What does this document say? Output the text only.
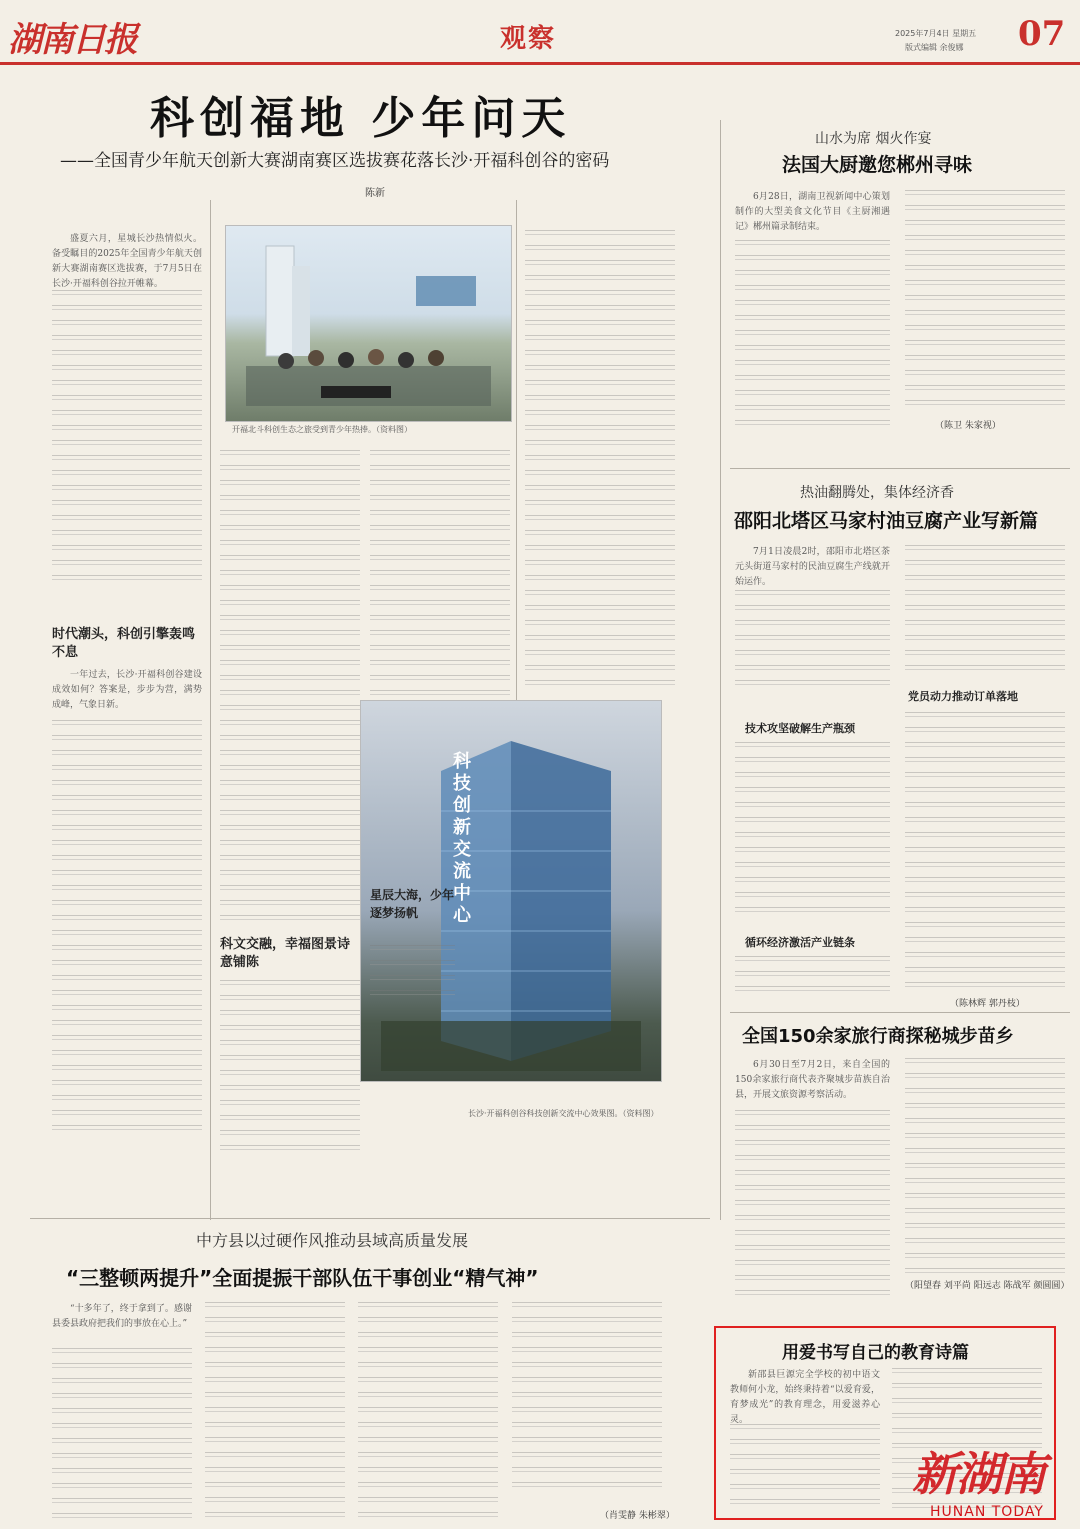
湖南日报	观察	2025年7月4日 星期五
版式编辑 余俊娜 07
科创福地 少年问天
——全国青少年航天创新大赛湖南赛区选拔赛花落长沙·开福科创谷的密码
陈新

盛夏六月，星城长沙热情似火。备受瞩目的2025年全国青少年航天创新大赛湖南赛区选拔赛，于7月5日在长沙·开福科创谷拉开帷幕。

时代潮头，科创引擎轰鸣不息

一年过去，长沙·开福科创谷建设成效如何？答案是，步步为营，满势成峰，气象日新。

开福北斗科创生态之旅受到青少年热捧。（资料图）
科文交融，幸福图景诗意铺陈
科技创新交流中心
星辰大海，少年逐梦扬帆
长沙·开福科创谷科技创新交流中心效果图。（资料图）
山水为席 烟火作宴
法国大厨邀您郴州寻味

6月28日，湖南卫视新闻中心策划制作的大型美食文化节目《主厨湘遇记》郴州篇录制结束。

（陈卫 朱家视）
热油翻腾处，集体经济香
邵阳北塔区马家村油豆腐产业写新篇

7月1日凌晨2时，邵阳市北塔区茶元头街道马家村的民油豆腐生产线就开始运作。

技术攻坚破解生产瓶颈
循环经济激活产业链条
党员动力推动订单落地
（陈林辉 郭丹枝）
全国150余家旅行商探秘城步苗乡

6月30日至7月2日，来自全国的150余家旅行商代表齐聚城步苗族自治县，开展文旅资源考察活动。

（阳望春 刘平尚 阳远志 陈战军 颜圆圆）
中方县以过硬作风推动县域高质量发展
“三整顿两提升”全面提振干部队伍干事创业“精气神”

“十多年了，终于拿到了。感谢县委县政府把我们的事放在心上。”

（肖雯静 朱彬翠）
用爱书写自己的教育诗篇

新邵县巨源完全学校的初中语文教师何小龙，始终秉持着“以爱育爱，育梦成光”的教育理念，用爱滋养心灵。

新湖南
HUNAN TODAY
